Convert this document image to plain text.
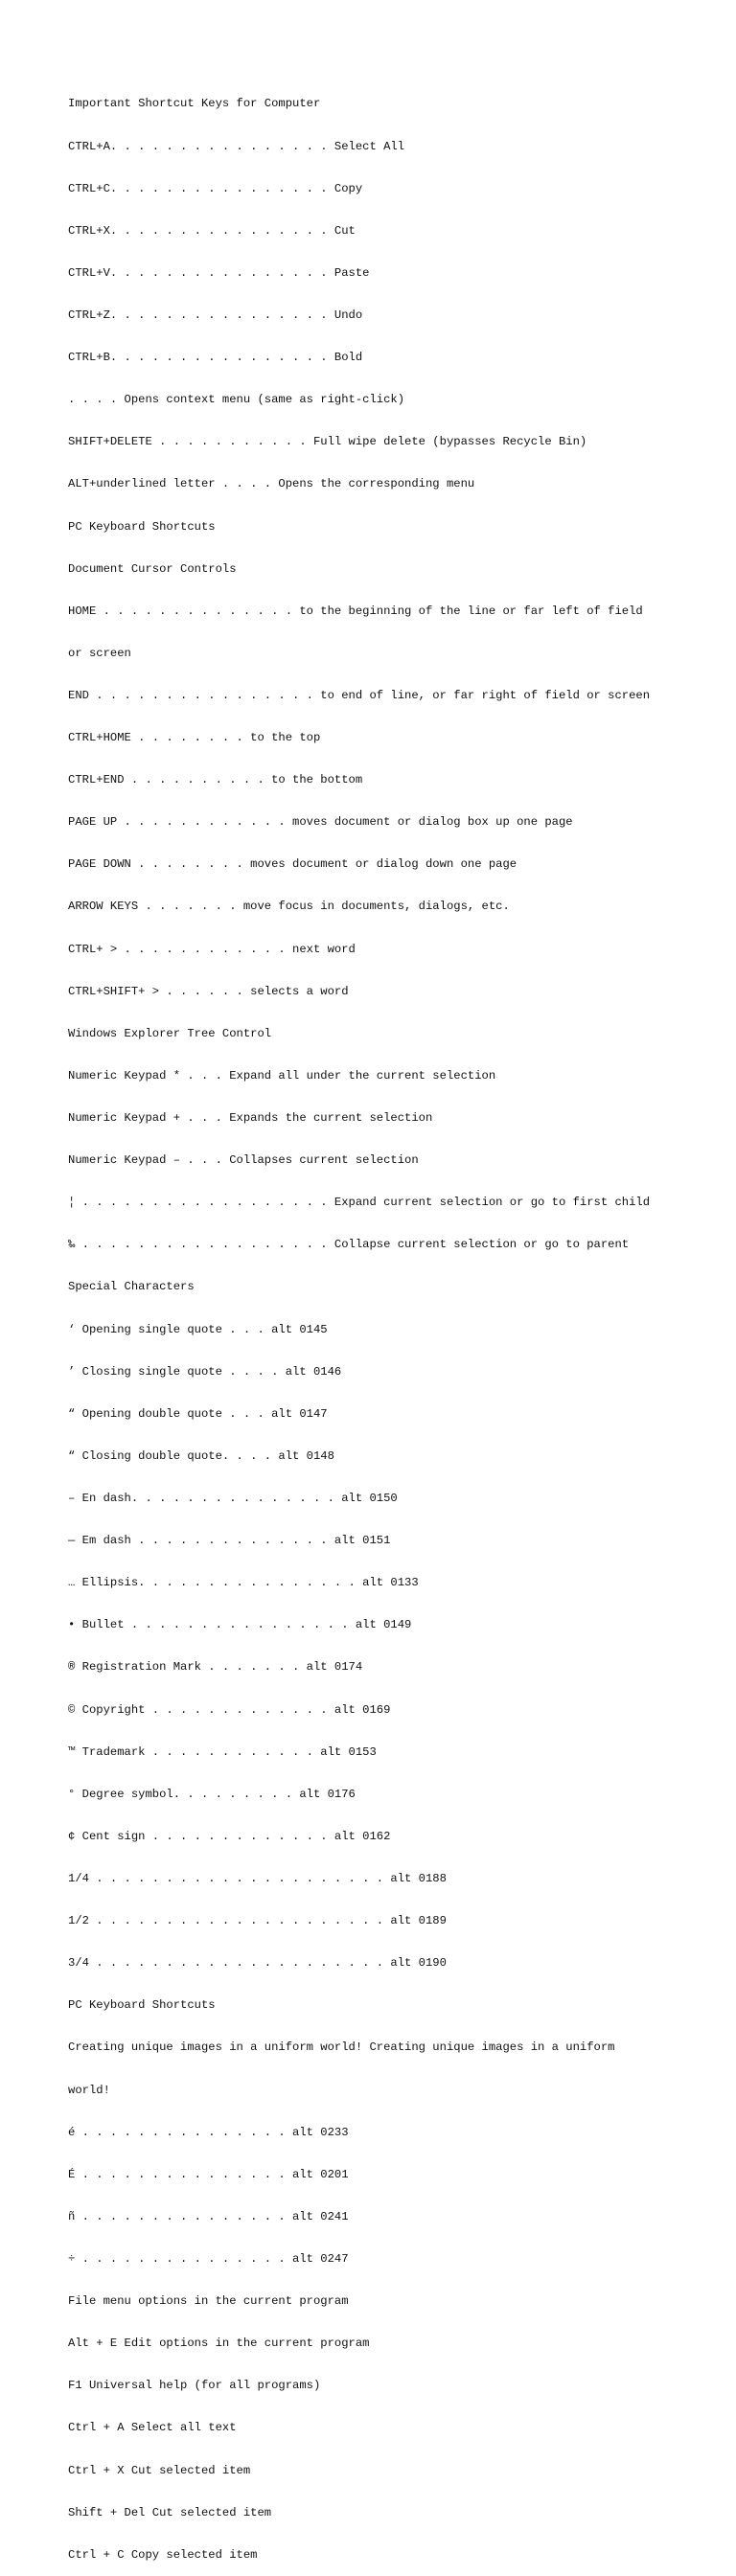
Important Shortcut Keys for Computer

CTRL+A. . . . . . . . . . . . . . . . Select All

CTRL+C. . . . . . . . . . . . . . . . Copy

CTRL+X. . . . . . . . . . . . . . . . Cut

CTRL+V. . . . . . . . . . . . . . . . Paste

CTRL+Z. . . . . . . . . . . . . . . . Undo

CTRL+B. . . . . . . . . . . . . . . . Bold

. . . . Opens context menu (same as right-click)

SHIFT+DELETE . . . . . . . . . . . Full wipe delete (bypasses Recycle Bin)

ALT+underlined letter . . . . Opens the corresponding menu

PC Keyboard Shortcuts

Document Cursor Controls

HOME . . . . . . . . . . . . . . to the beginning of the line or far left of field

or screen

END . . . . . . . . . . . . . . . . to end of line, or far right of field or screen

CTRL+HOME . . . . . . . . to the top

CTRL+END . . . . . . . . . . to the bottom

PAGE UP . . . . . . . . . . . . moves document or dialog box up one page

PAGE DOWN . . . . . . . . moves document or dialog down one page

ARROW KEYS . . . . . . . move focus in documents, dialogs, etc.

CTRL+ > . . . . . . . . . . . . next word

CTRL+SHIFT+ > . . . . . . selects a word

Windows Explorer Tree Control

Numeric Keypad * . . . Expand all under the current selection

Numeric Keypad + . . . Expands the current selection

Numeric Keypad – . . . Collapses current selection

¦ . . . . . . . . . . . . . . . . . . Expand current selection or go to first child

‰ . . . . . . . . . . . . . . . . . . Collapse current selection or go to parent

Special Characters

‘ Opening single quote . . . alt 0145

’ Closing single quote . . . . alt 0146

“ Opening double quote . . . alt 0147

“ Closing double quote. . . . alt 0148

– En dash. . . . . . . . . . . . . . . alt 0150

— Em dash . . . . . . . . . . . . . . alt 0151

… Ellipsis. . . . . . . . . . . . . . . . alt 0133

• Bullet . . . . . . . . . . . . . . . . alt 0149

® Registration Mark . . . . . . . alt 0174

© Copyright . . . . . . . . . . . . . alt 0169

™ Trademark . . . . . . . . . . . . alt 0153

° Degree symbol. . . . . . . . . alt 0176

¢ Cent sign . . . . . . . . . . . . . alt 0162

1/4 . . . . . . . . . . . . . . . . . . . . . alt 0188

1/2 . . . . . . . . . . . . . . . . . . . . . alt 0189

3/4 . . . . . . . . . . . . . . . . . . . . . alt 0190

PC Keyboard Shortcuts

Creating unique images in a uniform world! Creating unique images in a uniform

world!

é . . . . . . . . . . . . . . . alt 0233

É . . . . . . . . . . . . . . . alt 0201

ñ . . . . . . . . . . . . . . . alt 0241

÷ . . . . . . . . . . . . . . . alt 0247

File menu options in the current program

Alt + E Edit options in the current program

F1 Universal help (for all programs)

Ctrl + A Select all text

Ctrl + X Cut selected item

Shift + Del Cut selected item

Ctrl + C Copy selected item
